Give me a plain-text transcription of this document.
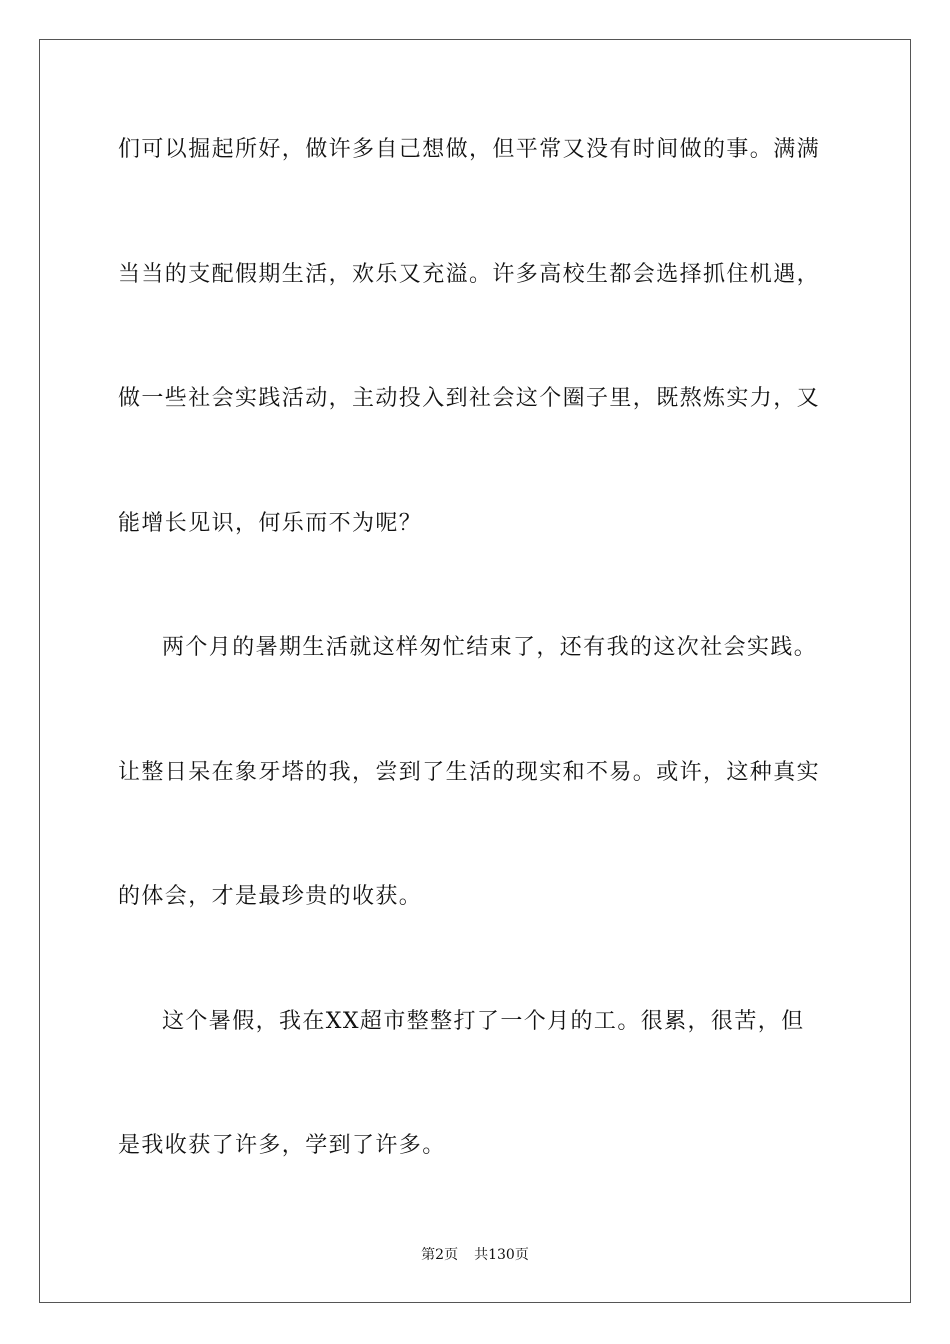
们可以掘起所好，做许多自己想做，但平常又没有时间做的事。满满
当当的支配假期生活，欢乐又充溢。许多高校生都会选择抓住机遇，
做一些社会实践活动，主动投入到社会这个圈子里，既熬炼实力，又
能增长见识，何乐而不为呢？
两个月的暑期生活就这样匆忙结束了，还有我的这次社会实践。
让整日呆在象牙塔的我，尝到了生活的现实和不易。或许，这种真实
的体会，才是最珍贵的收获。
这个暑假，我在XX超市整整打了一个月的工。很累，很苦，但
是我收获了许多，学到了许多。
第2页 共130页
